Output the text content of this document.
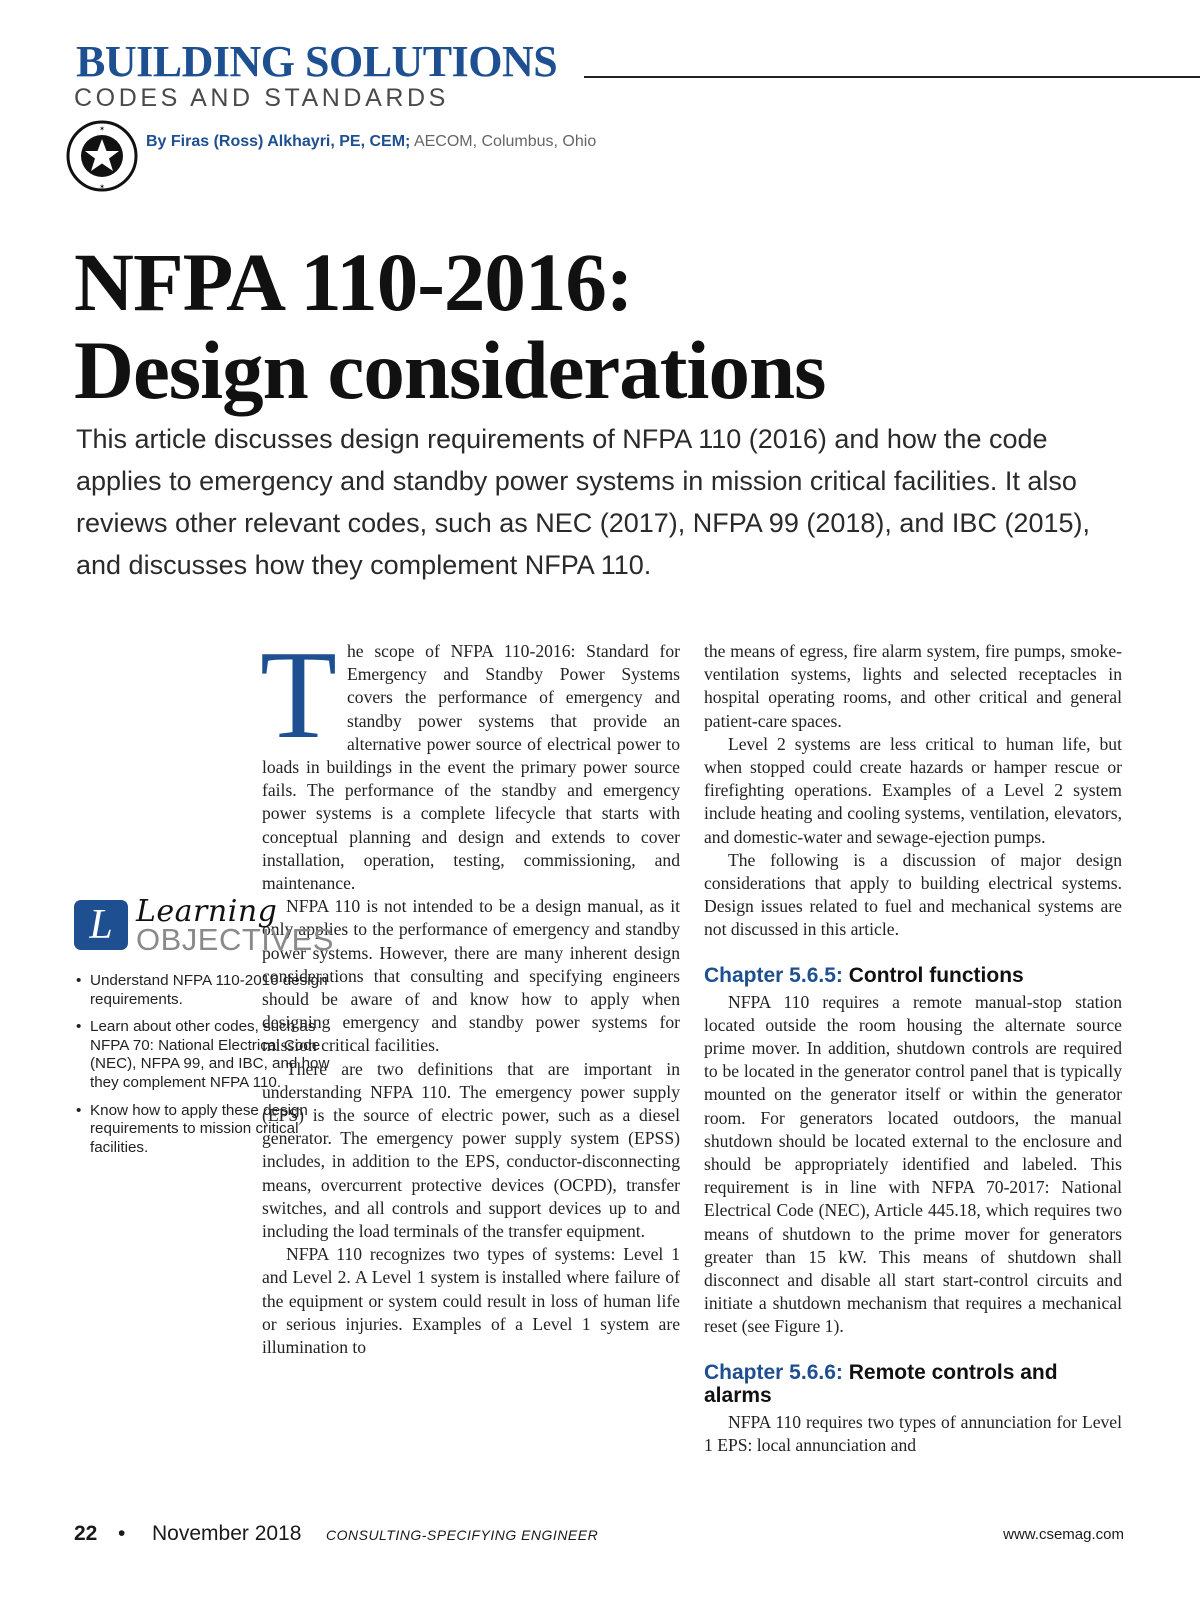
BUILDING SOLUTIONS
CODES AND STANDARDS
✶
✶
By Firas (Ross) Alkhayri, PE, CEM; AECOM, Columbus, Ohio
NFPA 110-2016:
Design considerations
This article discusses design requirements of NFPA 110 (2016) and how the code applies to emergency and standby power systems in mission critical facilities. It also reviews other relevant codes, such as NEC (2017), NFPA 99 (2018), and IBC (2015), and discusses how they complement NFPA 110.
T he scope of NFPA 110-2016: Standard for Emergency and Standby Power Systems covers the performance of emergency and standby power systems that provide an alternative power source of electrical power to loads in buildings in the event the primary power source fails. The performance of the standby and emergency power systems is a complete lifecycle that starts with conceptual planning and design and extends to cover installation, operation, testing, commissioning, and maintenance.

NFPA 110 is not intended to be a design manual, as it only applies to the performance of emergency and standby power systems. However, there are many inherent design considerations that consulting and specifying engineers should be aware of and know how to apply when designing emergency and standby power systems for mission critical facilities.

There are two definitions that are important in understanding NFPA 110. The emergency power supply (EPS) is the source of electric power, such as a diesel generator. The emergency power supply system (EPSS) includes, in addition to the EPS, conductor-disconnecting means, overcurrent protective devices (OCPD), transfer switches, and all controls and support devices up to and including the load terminals of the transfer equipment.

NFPA 110 recognizes two types of systems: Level 1 and Level 2. A Level 1 system is installed where failure of the equipment or system could result in loss of human life or serious injuries. Examples of a Level 1 system are illumination to

L Learning
OBJECTIVES
• Understand NFPA 110-2016 design requirements.
• Learn about other codes, such as NFPA 70: National Electrical Code (NEC), NFPA 99, and IBC, and how they complement NFPA 110.
• Know how to apply these design requirements to mission critical facilities.

the means of egress, fire alarm system, fire pumps, smoke-ventilation systems, lights and selected receptacles in hospital operating rooms, and other critical and general patient-care spaces.

Level 2 systems are less critical to human life, but when stopped could create hazards or hamper rescue or firefighting operations. Examples of a Level 2 system include heating and cooling systems, ventilation, elevators, and domestic-water and sewage-ejection pumps.

The following is a discussion of major design considerations that apply to building electrical systems. Design issues related to fuel and mechanical systems are not discussed in this article.

Chapter 5.6.5: Control functions

NFPA 110 requires a remote manual-stop station located outside the room housing the alternate source prime mover. In addition, shutdown controls are required to be located in the generator control panel that is typically mounted on the generator itself or within the generator room. For generators located outdoors, the manual shutdown should be located external to the enclosure and should be appropriately identified and labeled. This requirement is in line with NFPA 70-2017: National Electrical Code (NEC), Article 445.18, which requires two means of shutdown to the prime mover for generators greater than 15 kW. This means of shutdown shall disconnect and disable all start start-control circuits and initiate a shutdown mechanism that requires a mechanical reset (see Figure 1).

Chapter 5.6.6: Remote controls and alarms

NFPA 110 requires two types of annunciation for Level 1 EPS: local annunciation and

22 • November 2018 CONSULTING-SPECIFYING ENGINEER	www.csemag.com
